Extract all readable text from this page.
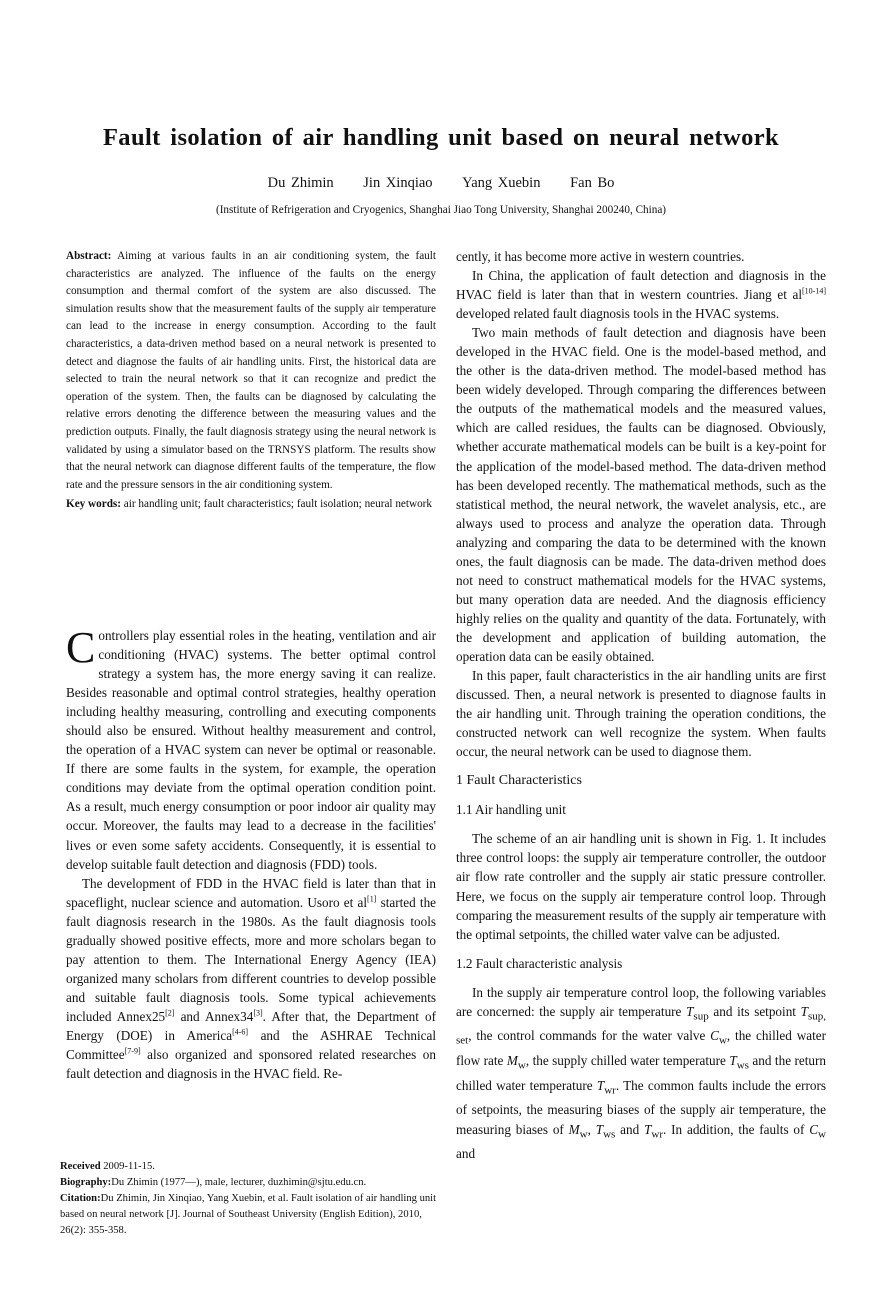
Fault isolation of air handling unit based on neural network
Du Zhimin Jin Xinqiao Yang Xuebin Fan Bo
(Institute of Refrigeration and Cryogenics, Shanghai Jiao Tong University, Shanghai 200240, China)

Abstract: Aiming at various faults in an air conditioning system, the fault characteristics are analyzed. The influence of the faults on the energy consumption and thermal comfort of the system are also discussed. The simulation results show that the measurement faults of the supply air temperature can lead to the increase in energy consumption. According to the fault characteristics, a data-driven method based on a neural network is presented to detect and diagnose the faults of air handling units. First, the historical data are selected to train the neural network so that it can recognize and predict the operation of the system. Then, the faults can be diagnosed by calculating the relative errors denoting the difference between the measuring values and the prediction outputs. Finally, the fault diagnosis strategy using the neural network is validated by using a simulator based on the TRNSYS platform. The results show that the neural network can diagnose different faults of the temperature, the flow rate and the pressure sensors in the air conditioning system.

Key words: air handling unit; fault characteristics; fault isolation; neural network

Controllers play essential roles in the heating, ventilation and air conditioning (HVAC) systems. The better optimal control strategy a system has, the more energy saving it can realize. Besides reasonable and optimal control strategies, healthy operation including healthy measuring, controlling and executing components should also be ensured. Without healthy measurement and control, the operation of a HVAC system can never be optimal or reasonable. If there are some faults in the system, for example, the operation conditions may deviate from the optimal operation condition point. As a result, much energy consumption or poor indoor air quality may occur. Moreover, the faults may lead to a decrease in the facilities' lives or even some safety accidents. Consequently, it is essential to develop suitable fault detection and diagnosis (FDD) tools.

The development of FDD in the HVAC field is later than that in spaceflight, nuclear science and automation. Usoro et al[1] started the fault diagnosis research in the 1980s. As the fault diagnosis tools gradually showed positive effects, more and more scholars began to pay attention to them. The International Energy Agency (IEA) organized many scholars from different countries to develop possible and suitable fault diagnosis tools. Some typical achievements included Annex25[2] and Annex34[3]. After that, the Department of Energy (DOE) in America[4-6] and the ASHRAE Technical Committee[7-9] also organized and sponsored related researches on fault detection and diagnosis in the HVAC field. Re-

cently, it has become more active in western countries.

In China, the application of fault detection and diagnosis in the HVAC field is later than that in western countries. Jiang et al[10-14] developed related fault diagnosis tools in the HVAC systems.

Two main methods of fault detection and diagnosis have been developed in the HVAC field. One is the model-based method, and the other is the data-driven method. The model-based method has been widely developed. Through comparing the differences between the outputs of the mathematical models and the measured values, which are called residues, the faults can be diagnosed. Obviously, whether accurate mathematical models can be built is a key-point for the application of the model-based method. The data-driven method has been developed recently. The mathematical methods, such as the statistical method, the neural network, the wavelet analysis, etc., are always used to process and analyze the operation data. Through analyzing and comparing the data to be determined with the known ones, the fault diagnosis can be made. The data-driven method does not need to construct mathematical models for the HVAC systems, but many operation data are needed. And the diagnosis efficiency highly relies on the quality and quantity of the data. Fortunately, with the development and application of building automation, the operation data can be easily obtained.

In this paper, fault characteristics in the air handling units are first discussed. Then, a neural network is presented to diagnose faults in the air handling unit. Through training the operation conditions, the constructed network can well recognize the system. When faults occur, the neural network can be used to diagnose them.

1 Fault Characteristics
1.1 Air handling unit

The scheme of an air handling unit is shown in Fig. 1. It includes three control loops: the supply air temperature controller, the outdoor air flow rate controller and the supply air static pressure controller. Here, we focus on the supply air temperature control loop. Through comparing the measurement results of the supply air temperature with the optimal setpoints, the chilled water valve can be adjusted.

1.2 Fault characteristic analysis

In the supply air temperature control loop, the following variables are concerned: the supply air temperature $T_{sup}$ and its setpoint $T_{sup, set}$, the control commands for the water valve $C_w$, the chilled water flow rate $M_w$, the supply chilled water temperature $T_{ws}$ and the return chilled water temperature $T_{wr}$. The common faults include the errors of setpoints, the measuring biases of the supply air temperature, the measuring biases of $M_w$, $T_{ws}$ and $T_{wr}$. In addition, the faults of $C_w$ and

Received 2009-11-15.
Biography:Du Zhimin (1977—), male, lecturer, duzhimin@sjtu.edu.cn.
Citation:Du Zhimin, Jin Xinqiao, Yang Xuebin, et al. Fault isolation of air handling unit based on neural network [J]. Journal of Southeast University (English Edition), 2010, 26(2): 355-358.
